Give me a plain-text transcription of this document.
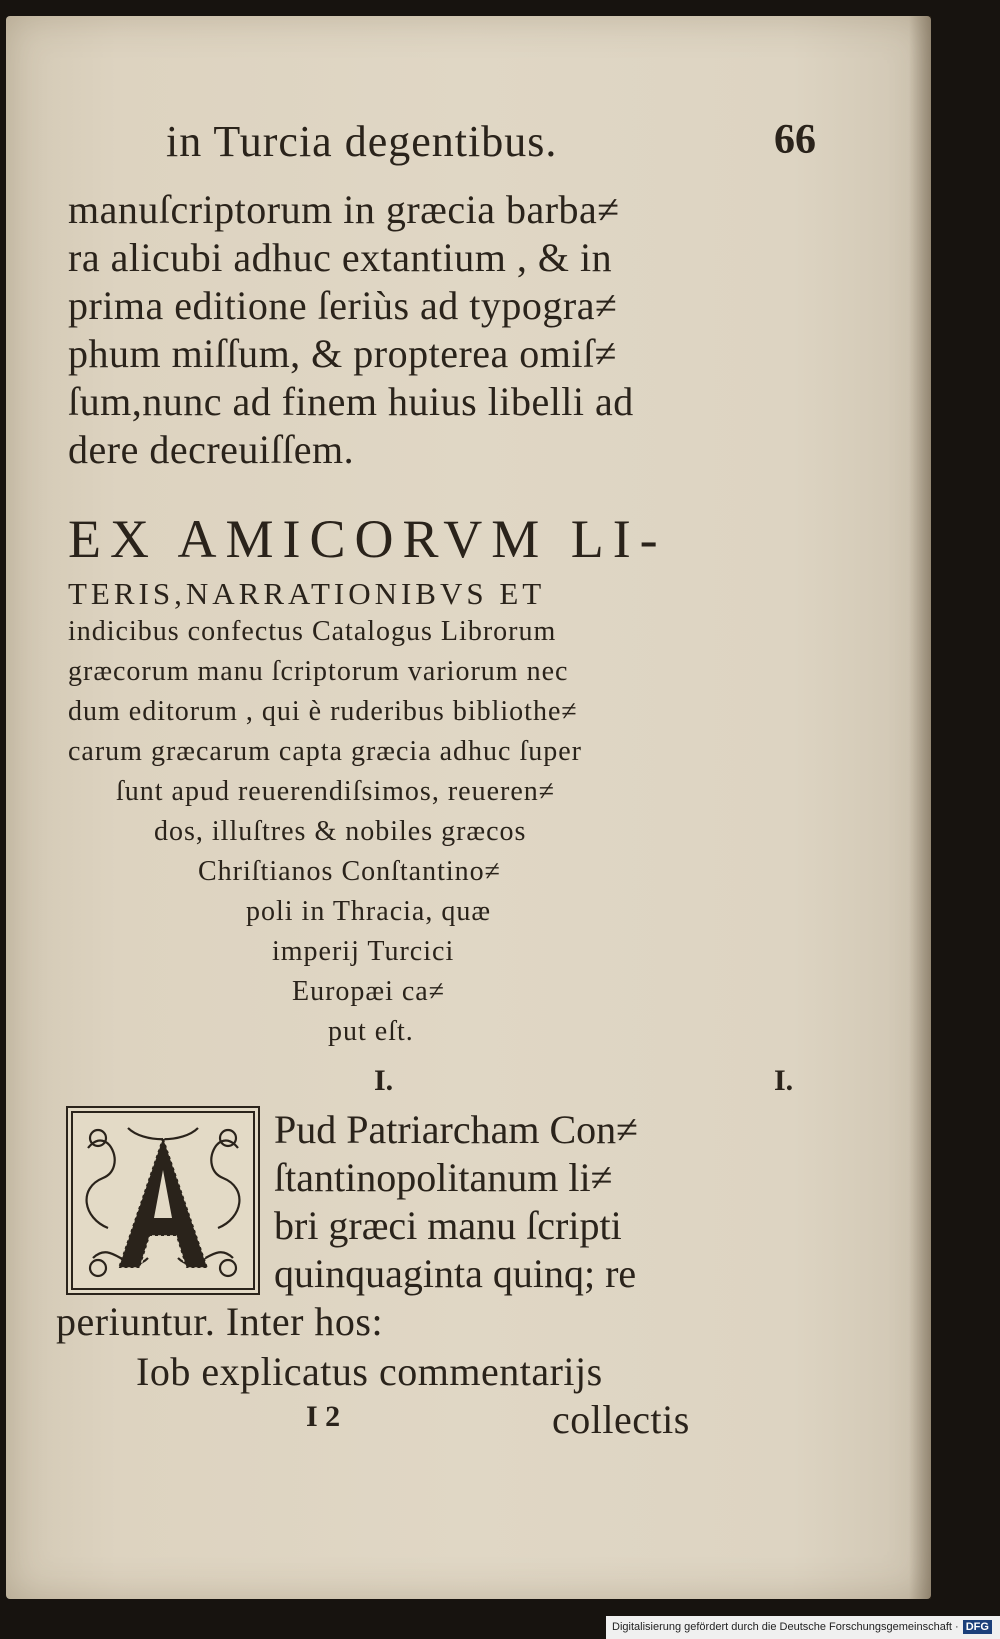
in Turcia degentibus.	66
manuſcriptorum in græcia barba≠
ra alicubi adhuc extantium , & in
prima editione ſeriùs ad typogra≠
phum miſſum, & propterea omiſ≠
ſum,nunc ad finem huius libelli ad
dere decreuiſſem.
EX AMICORVM LI-
TERIS,NARRATIONIBVS ET
indicibus confectus Catalogus Librorum
græcorum manu ſcriptorum variorum nec
dum editorum , qui è ruderibus bibliothe≠
carum græcarum capta græcia adhuc ſuper
ſunt apud reuerendiſsimos, reueren≠
dos, illuſtres & nobiles græcos
Chriſtianos Conſtantino≠
poli in Thracia, quæ
imperij Turcici
Europæi ca≠
put eſt.
I.	I.
Pud Patriarcham Con≠
ſtantinopolitanum li≠
bri græci manu ſcripti
quinquaginta quinq; re
periuntur. Inter hos:
Iob explicatus commentarijs
I 2	collectis
Digitalisierung gefördert durch die Deutsche Forschungsgemeinschaft · DFG
